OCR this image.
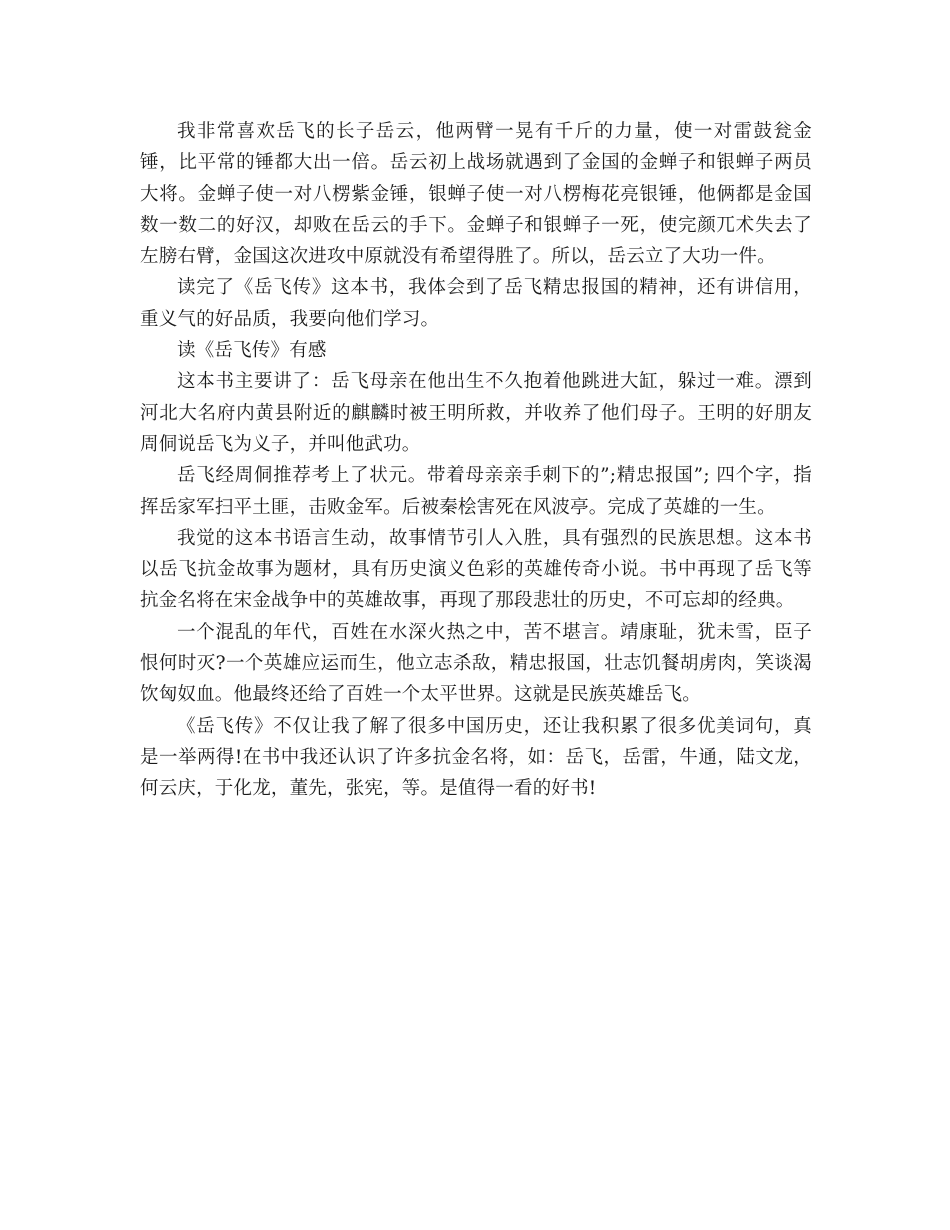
我非常喜欢岳飞的长子岳云，他两臂一晃有千斤的力量，使一对雷鼓瓮金锤，比平常的锤都大出一倍。岳云初上战场就遇到了金国的金蝉子和银蝉子两员大将。金蝉子使一对八楞紫金锤，银蝉子使一对八楞梅花亮银锤，他俩都是金国数一数二的好汉，却败在岳云的手下。金蝉子和银蝉子一死，使完颜兀术失去了左膀右臂，金国这次进攻中原就没有希望得胜了。所以，岳云立了大功一件。

读完了《岳飞传》这本书，我体会到了岳飞精忠报国的精神，还有讲信用，重义气的好品质，我要向他们学习。

读《岳飞传》有感

这本书主要讲了：岳飞母亲在他出生不久抱着他跳进大缸，躲过一难。漂到河北大名府内黄县附近的麒麟时被王明所救，并收养了他们母子。王明的好朋友周侗说岳飞为义子，并叫他武功。

岳飞经周侗推荐考上了状元。带着母亲亲手刺下的”;精忠报国”; 四个字，指挥岳家军扫平土匪，击败金军。后被秦桧害死在风波亭。完成了英雄的一生。

我觉的这本书语言生动，故事情节引人入胜，具有强烈的民族思想。这本书以岳飞抗金故事为题材，具有历史演义色彩的英雄传奇小说。书中再现了岳飞等抗金名将在宋金战争中的英雄故事，再现了那段悲壮的历史，不可忘却的经典。

一个混乱的年代，百姓在水深火热之中，苦不堪言。靖康耻，犹未雪，臣子恨何时灭?一个英雄应运而生，他立志杀敌，精忠报国，壮志饥餐胡虏肉，笑谈渴饮匈奴血。他最终还给了百姓一个太平世界。这就是民族英雄岳飞。

《岳飞传》不仅让我了解了很多中国历史，还让我积累了很多优美词句，真是一举两得!在书中我还认识了许多抗金名将，如：岳飞，岳雷，牛通，陆文龙，何云庆，于化龙，董先，张宪，等。是值得一看的好书!
